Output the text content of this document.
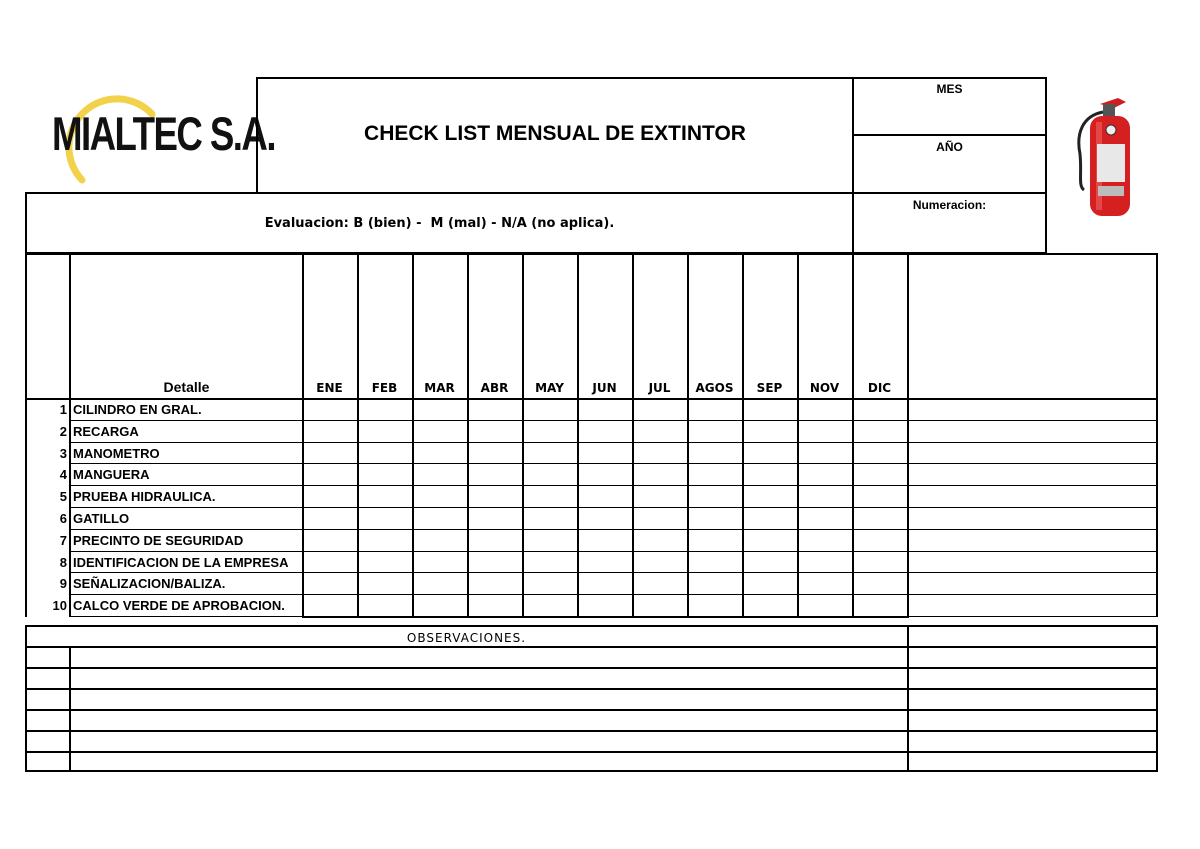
MIALTEC S.A.	CHECK LIST MENSUAL DE EXTINTOR
MES
AÑO
Evaluacion: B (bien) -  M (mal) - N/A (no aplica).
Numeracion:
Detalle	ENE	FEB	MAR	ABR	MAY	JUN	JUL	AGOS	SEP	NOV	DIC
1 CILINDRO EN GRAL.
2 RECARGA
3 MANOMETRO
4 MANGUERA
5 PRUEBA HIDRAULICA.
6 GATILLO
7 PRECINTO DE SEGURIDAD
8 IDENTIFICACION DE LA EMPRESA
9 SEÑALIZACION/BALIZA.
10 CALCO VERDE DE APROBACION.
OBSERVACIONES.
